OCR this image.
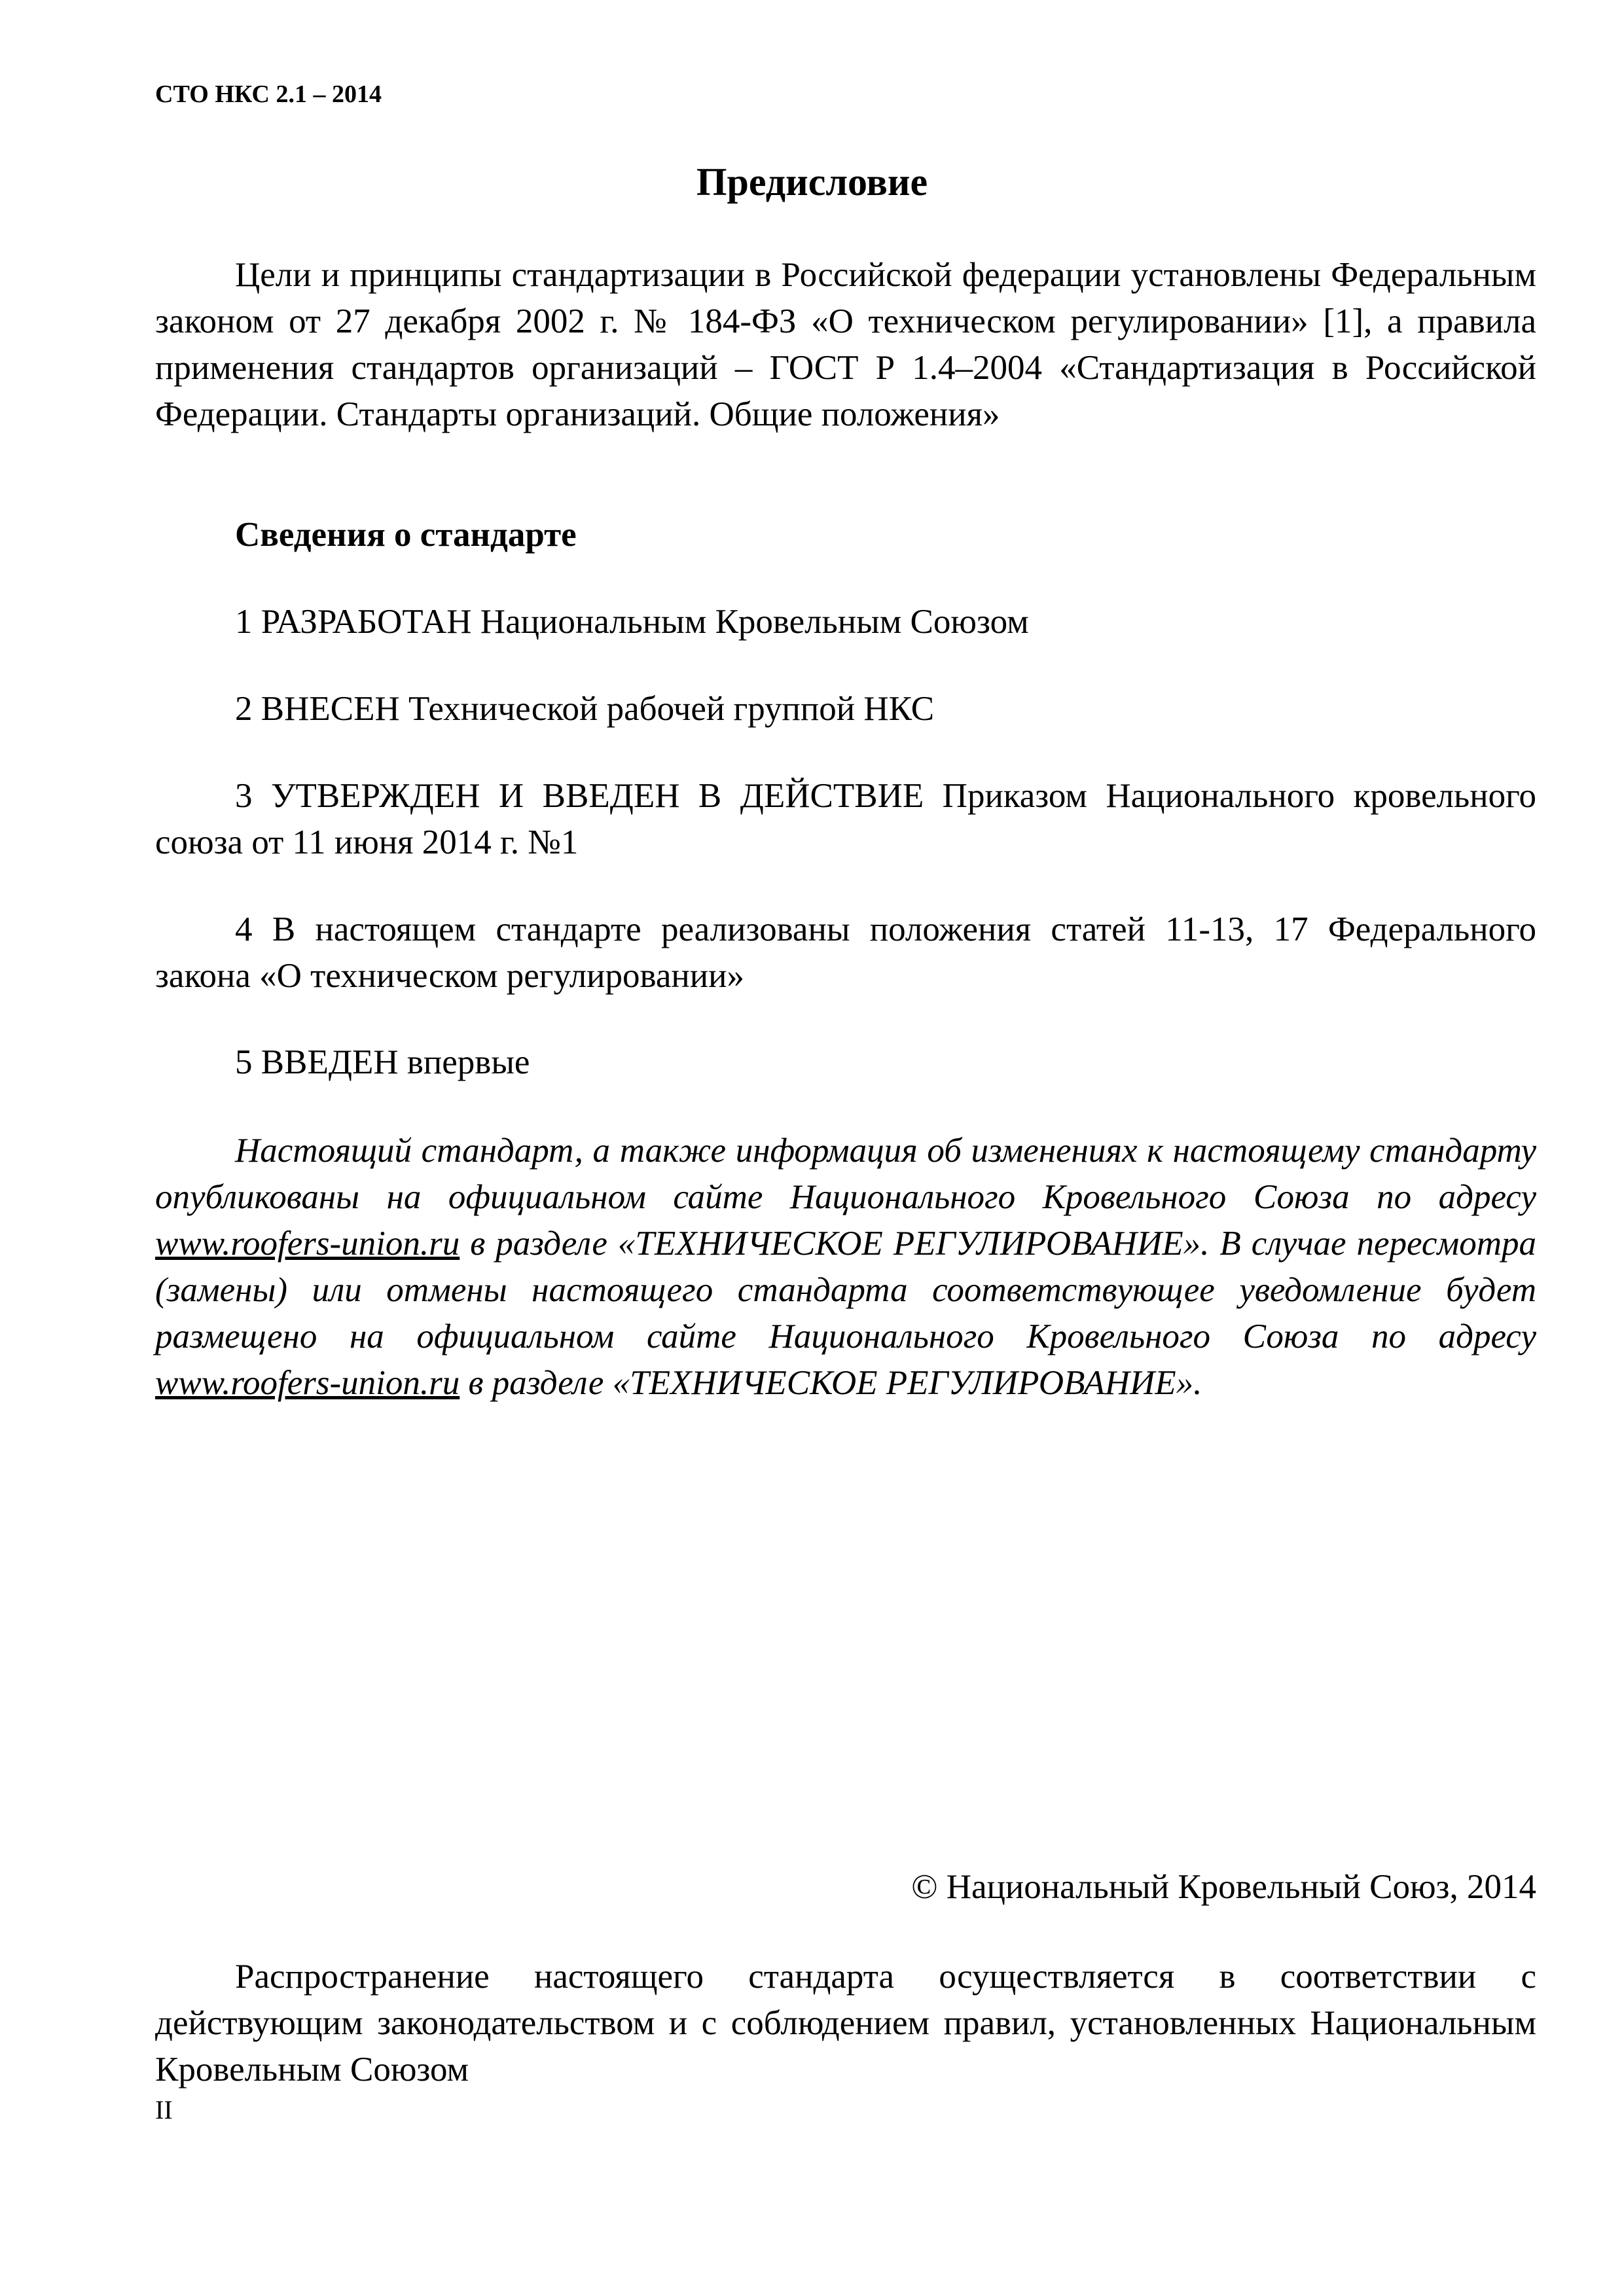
СТО НКС 2.1 – 2014
Предисловие
Цели и принципы стандартизации в Российской федерации установлены Федеральным законом от 27 декабря 2002 г. № 184-ФЗ «О техническом регулировании» [1], а правила применения стандартов организаций – ГОСТ Р 1.4–2004 «Стандартизация в Российской Федерации. Стандарты организаций. Общие положения»
Сведения о стандарте
1 РАЗРАБОТАН Национальным Кровельным Союзом
2 ВНЕСЕН Технической рабочей группой НКС
3 УТВЕРЖДЕН И ВВЕДЕН В ДЕЙСТВИЕ Приказом Национального кровельного союза от 11 июня 2014 г. №1
4 В настоящем стандарте реализованы положения статей 11-13, 17 Федерального закона «О техническом регулировании»
5 ВВЕДЕН впервые
Настоящий стандарт, а также информация об изменениях к настоящему стандарту опубликованы на официальном сайте Национального Кровельного Союза по адресу www.roofers-union.ru в разделе «ТЕХНИЧЕСКОЕ РЕГУЛИРОВАНИЕ». В случае пересмотра (замены) или отмены настоящего стандарта соответствующее уведомление будет размещено на официальном сайте Национального Кровельного Союза по адресу www.roofers-union.ru в разделе «ТЕХНИЧЕСКОЕ РЕГУЛИРОВАНИЕ».
© Национальный Кровельный Союз, 2014
Распространение настоящего стандарта осуществляется в соответствии с действующим законодательством и с соблюдением правил, установленных Национальным Кровельным Союзом
II
